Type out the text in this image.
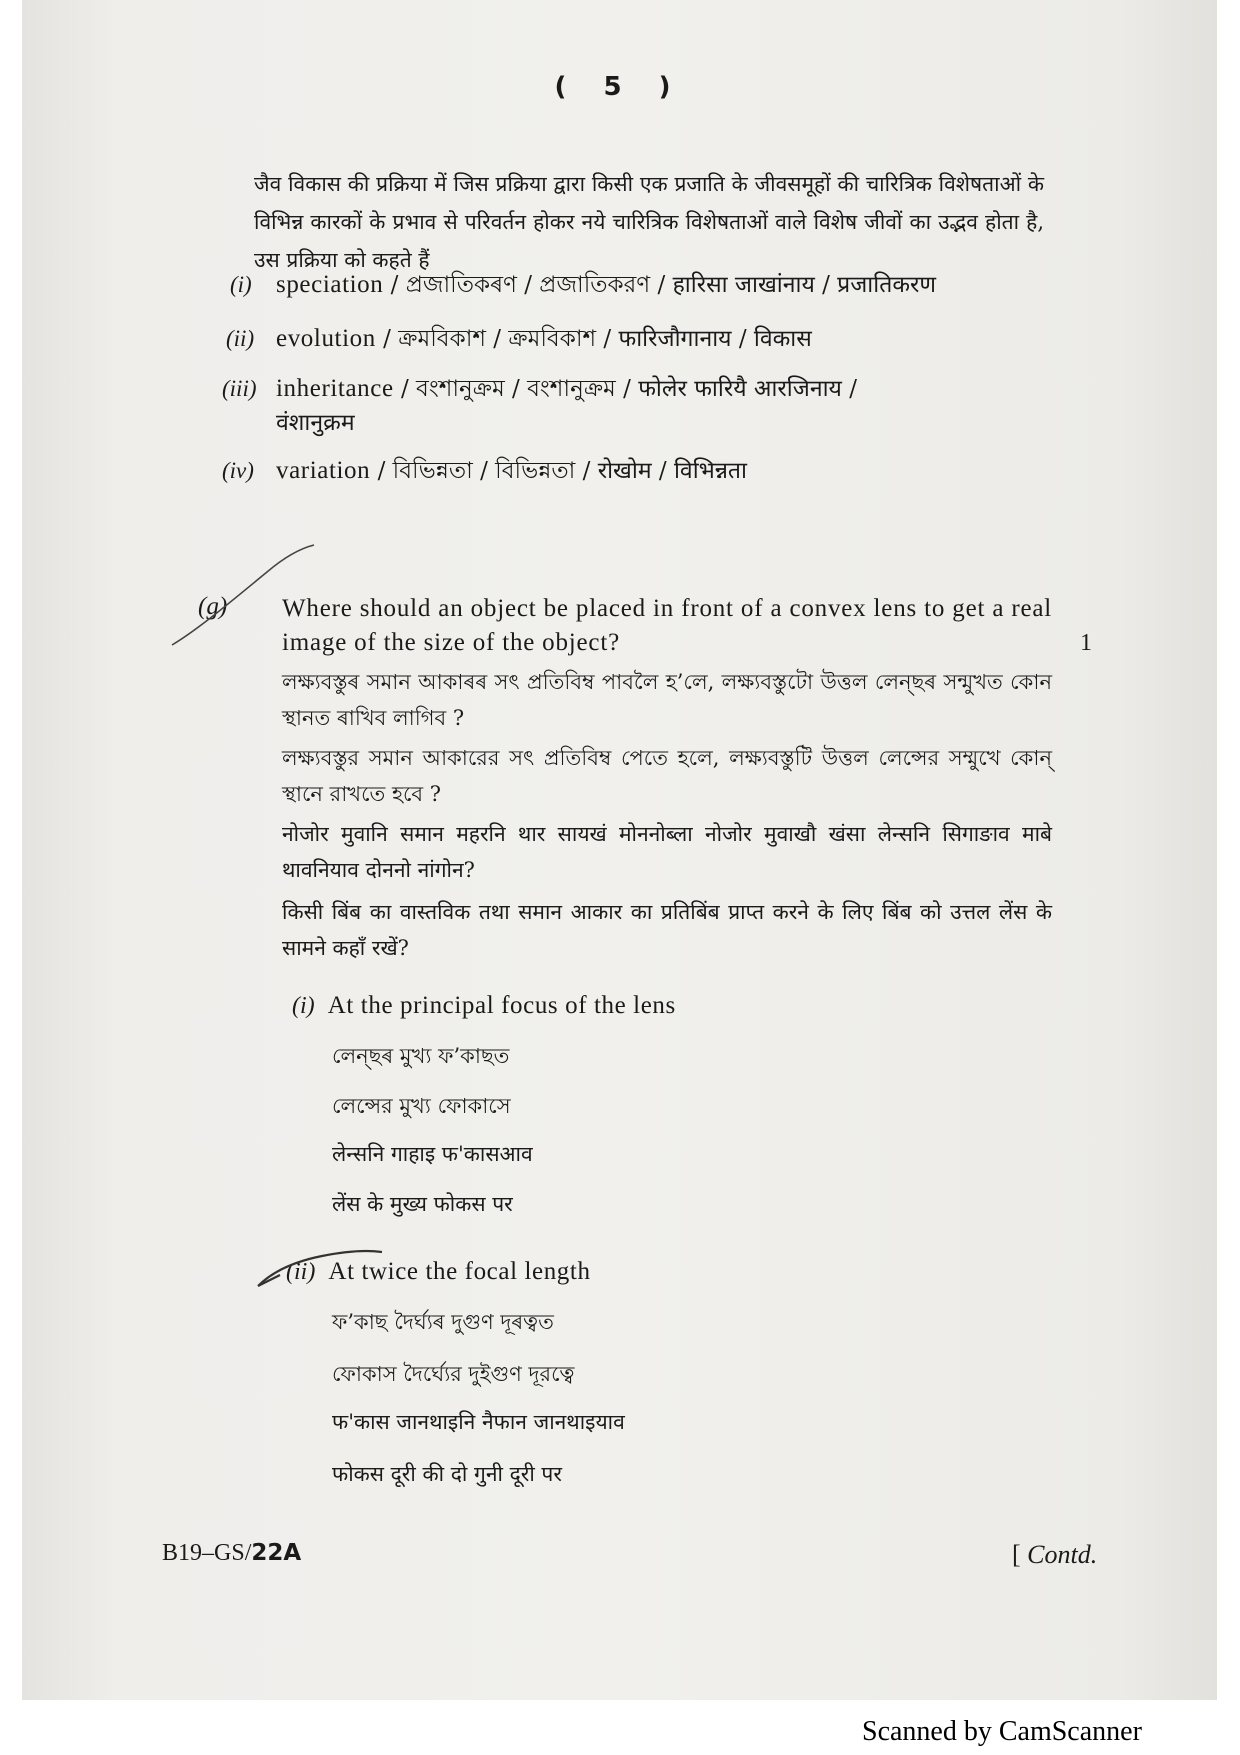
( 5 )
जैव विकास की प्रक्रिया में जिस प्रक्रिया द्वारा किसी एक प्रजाति के जीवसमूहों की चारित्रिक विशेषताओं के विभिन्न कारकों के प्रभाव से परिवर्तन होकर नये चारित्रिक विशेषताओं वाले विशेष जीवों का उद्भव होता है, उस प्रक्रिया को कहते हैं
(i) speciation / প্ৰজাতিকৰণ / প্রজাতিকরণ / हारिसा जाखांनाय / प्रजातिकरण
(ii) evolution / ক্ৰমবিকাশ / ক্রমবিকাশ / फारिजौगानाय / विकास
(iii) inheritance / বংশানুক্ৰম / বংশানুক্রম / फोलेर फारियै आरजिनाय /
वंशानुक्रम
(iv) variation / বিভিন্নতা / বিভিন্নতা / रोखोम / विभिन्नता
(g) Where should an object be placed in front of a convex lens to get a real image of the size of the object?	1
লক্ষ্যবস্তুৰ সমান আকাৰৰ সৎ প্ৰতিবিম্ব পাবলৈ হ’লে, লক্ষ্যবস্তুটো উত্তল লেন্‌ছৰ সন্মুখত কোন স্থানত ৰাখিব লাগিব ?
লক্ষ্যবস্তুর সমান আকারের সৎ প্রতিবিম্ব পেতে হলে, লক্ষ্যবস্তুটি উত্তল লেন্সের সম্মুখে কোন্ স্থানে রাখতে হবে ?
नोजोर मुवानि समान महरनि थार सायखं मोननोब्ला नोजोर मुवाखौ खंसा लेन्सनि सिगाङाव माबे थावनियाव दोननो नांगोन?
किसी बिंब का वास्तविक तथा समान आकार का प्रतिबिंब प्राप्त करने के लिए बिंब को उत्तल लेंस के सामने कहाँ रखें?
(i) At the principal focus of the lens
লেন্‌ছৰ মুখ্য ফ’কাছত
লেন্সের মুখ্য ফোকাসে
लेन्सनि गाहाइ फ'कासआव
लेंस के मुख्य फोकस पर
(ii) At twice the focal length
ফ’কাছ দৈৰ্ঘ্যৰ দুগুণ দূৰত্বত
ফোকাস দৈর্ঘ্যের দুইগুণ দূরত্বে
फ'कास जानथाइनि नैफान जानथाइयाव
फोकस दूरी की दो गुनी दूरी पर
B19–GS/22A	[ Contd.
Scanned by CamScanner
